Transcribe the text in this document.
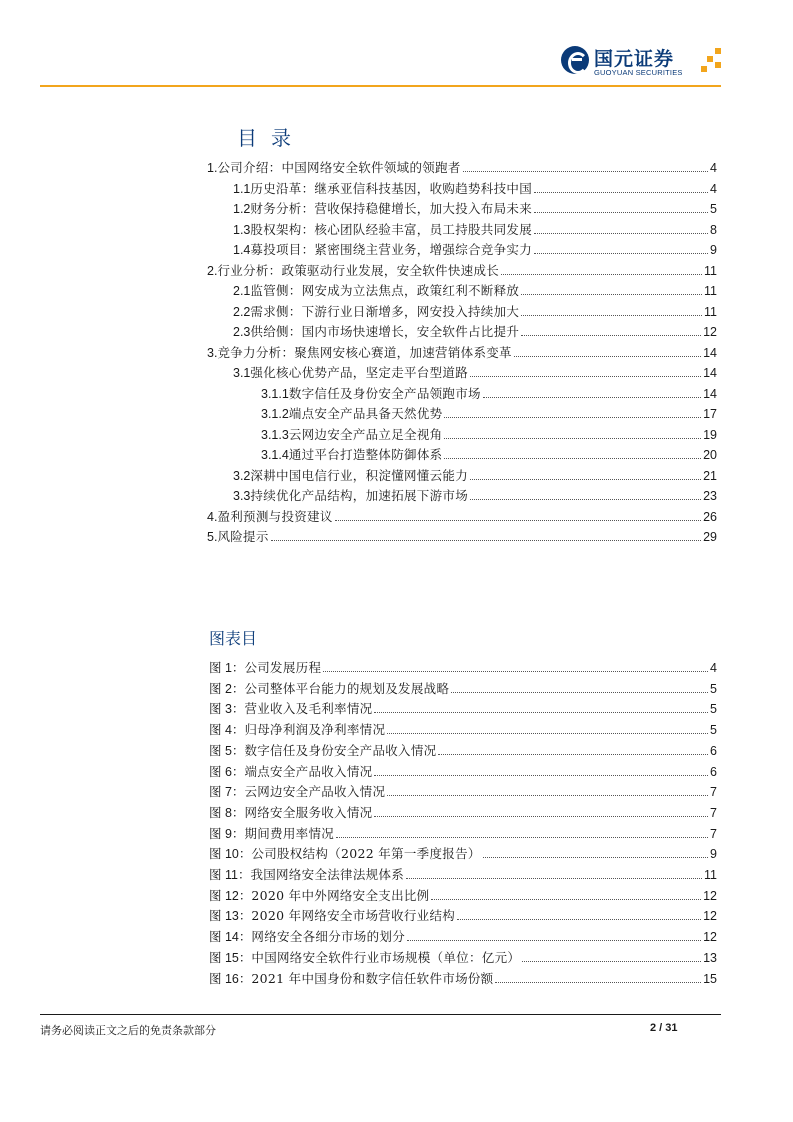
国元证券
GUOYUAN SECURITIES
目录
1. 公司介绍：中国网络安全软件领域的领跑者	4
1.1 历史沿革：继承亚信科技基因，收购趋势科技中国	4
1.2 财务分析：营收保持稳健增长，加大投入布局未来	5
1.3 股权架构：核心团队经验丰富，员工持股共同发展	8
1.4 募投项目：紧密围绕主营业务，增强综合竞争实力	9
2. 行业分析：政策驱动行业发展，安全软件快速成长	11
2.1 监管侧：网安成为立法焦点，政策红利不断释放	11
2.2 需求侧：下游行业日渐增多，网安投入持续加大	11
2.3 供给侧：国内市场快速增长，安全软件占比提升	12
3. 竞争力分析：聚焦网安核心赛道，加速营销体系变革	14
3.1 强化核心优势产品，坚定走平台型道路	14
3.1.1 数字信任及身份安全产品领跑市场	14
3.1.2 端点安全产品具备天然优势	17
3.1.3 云网边安全产品立足全视角	19
3.1.4 通过平台打造整体防御体系	20
3.2 深耕中国电信行业，积淀懂网懂云能力	21
3.3 持续优化产品结构，加速拓展下游市场	23
4. 盈利预测与投资建议	26
5. 风险提示	29
图表目
图 1： 公司发展历程	4
图 2： 公司整体平台能力的规划及发展战略	5
图 3： 营业收入及毛利率情况	5
图 4： 归母净利润及净利率情况	5
图 5： 数字信任及身份安全产品收入情况	6
图 6： 端点安全产品收入情况	6
图 7： 云网边安全产品收入情况	7
图 8： 网络安全服务收入情况	7
图 9： 期间费用率情况	7
图 10： 公司股权结构（2022 年第一季度报告）	9
图 11： 我国网络安全法律法规体系	11
图 12： 2020 年中外网络安全支出比例	12
图 13： 2020 年网络安全市场营收行业结构	12
图 14： 网络安全各细分市场的划分	12
图 15： 中国网络安全软件行业市场规模（单位：亿元）	13
图 16： 2021 年中国身份和数字信任软件市场份额	15
请务必阅读正文之后的免责条款部分	2 / 31
